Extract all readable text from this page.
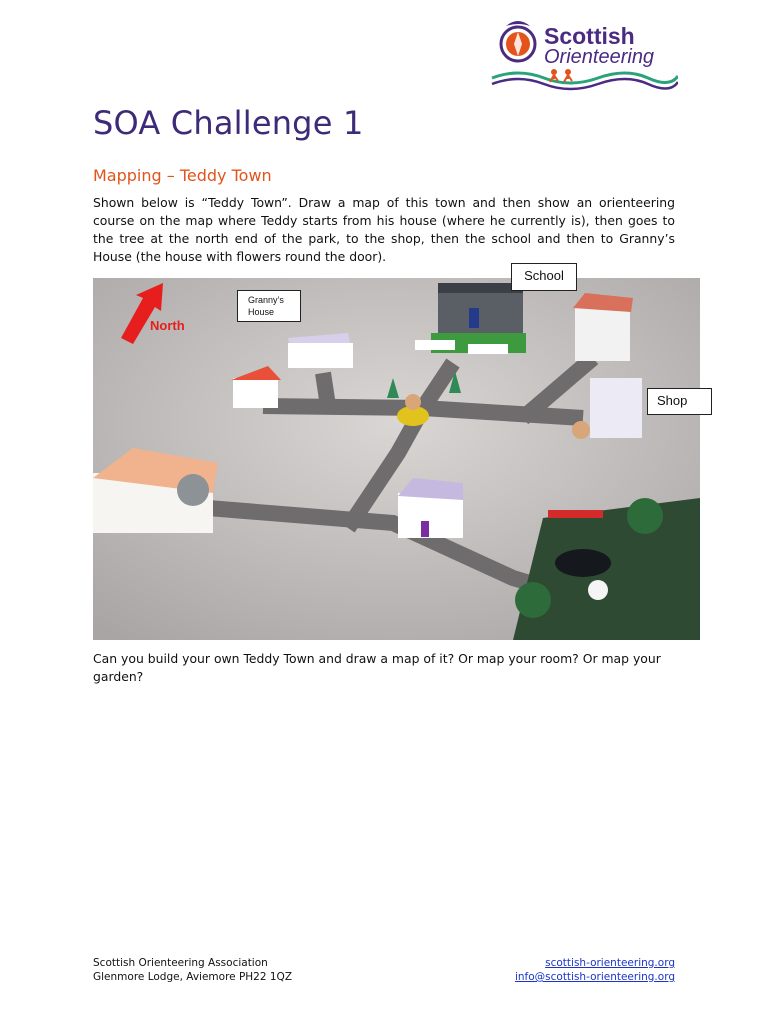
Scottish
Orienteering
SOA Challenge 1
Mapping – Teddy Town

Shown below is “Teddy Town”. Draw a map of this town and then show an orienteering course on the map where Teddy starts from his house (where he currently is), then goes to the tree at the north end of the park, to the shop, then the school and then to Granny’s House (the house with flowers round the door).

North
School
Shop
Granny’s
House

Can you build your own Teddy Town and draw a map of it? Or map your room? Or map your garden?

Scottish Orienteering Association
Glenmore Lodge, Aviemore PH22 1QZ
scottish-orienteering.org
info@scottish-orienteering.org
